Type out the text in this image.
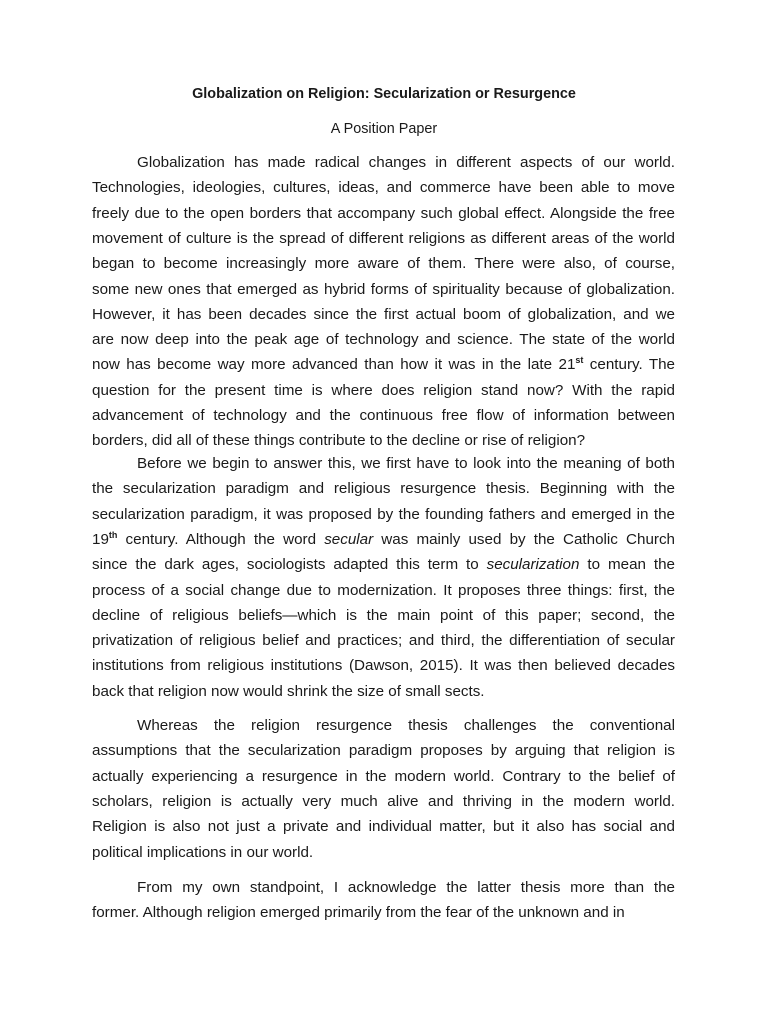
Globalization on Religion: Secularization or Resurgence
A Position Paper
Globalization has made radical changes in different aspects of our world.
Technologies, ideologies, cultures, ideas, and commerce have been able to move
freely due to the open borders that accompany such global effect. Alongside the free
movement of culture is the spread of different religions as different areas of the world
began to become increasingly more aware of them. There were also, of course,
some new ones that emerged as hybrid forms of spirituality because of globalization.
However, it has been decades since the first actual boom of globalization, and we
are now deep into the peak age of technology and science. The state of the world
now has become way more advanced than how it was in the late 21st century. The
question for the present time is where does religion stand now? With the rapid
advancement of technology and the continuous free flow of information between
borders, did all of these things contribute to the decline or rise of religion?
Before we begin to answer this, we first have to look into the meaning of both
the secularization paradigm and religious resurgence thesis. Beginning with the
secularization paradigm, it was proposed by the founding fathers and emerged in the
19th century. Although the word secular was mainly used by the Catholic Church
since the dark ages, sociologists adapted this term to secularization to mean the
process of a social change due to modernization. It proposes three things: first, the
decline of religious beliefs—which is the main point of this paper; second, the
privatization of religious belief and practices; and third, the differentiation of secular
institutions from religious institutions (Dawson, 2015). It was then believed decades
back that religion now would shrink the size of small sects.
Whereas the religion resurgence thesis challenges the conventional
assumptions that the secularization paradigm proposes by arguing that religion is
actually experiencing a resurgence in the modern world. Contrary to the belief of
scholars, religion is actually very much alive and thriving in the modern world.
Religion is also not just a private and individual matter, but it also has social and
political implications in our world.
From my own standpoint, I acknowledge the latter thesis more than the
former. Although religion emerged primarily from the fear of the unknown and in
